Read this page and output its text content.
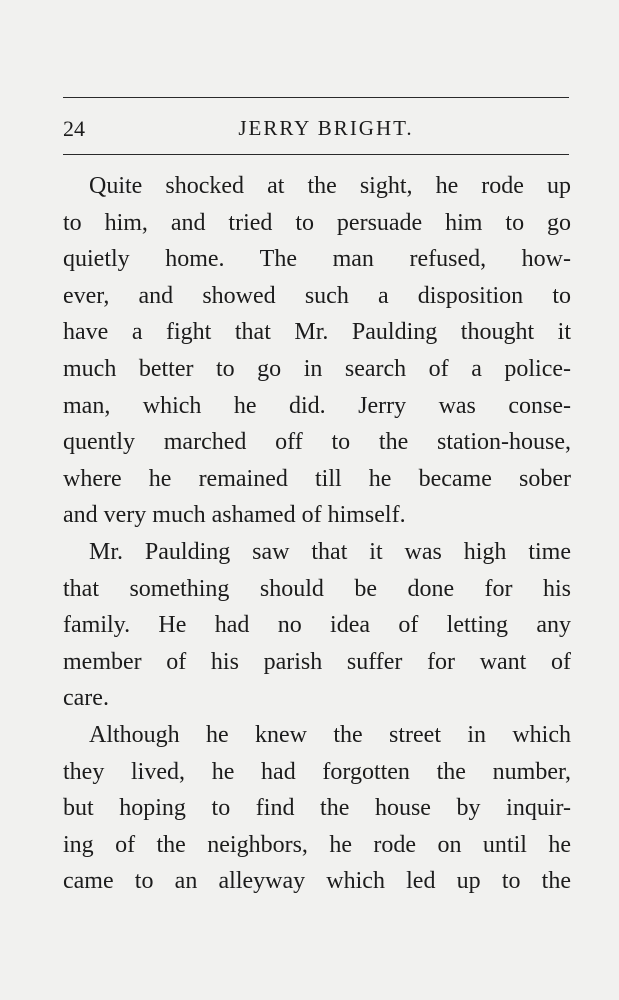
24	JERRY BRIGHT.
Quite shocked at the sight, he rode up
to him, and tried to persuade him to go
quietly home. The man refused, how-
ever, and showed such a disposition to
have a fight that Mr. Paulding thought it
much better to go in search of a police-
man, which he did. Jerry was conse-
quently marched off to the station-house,
where he remained till he became sober
and very much ashamed of himself.
Mr. Paulding saw that it was high time
that something should be done for his
family. He had no idea of letting any
member of his parish suffer for want of
care.
Although he knew the street in which
they lived, he had forgotten the number,
but hoping to find the house by inquir-
ing of the neighbors, he rode on until he
came to an alleyway which led up to the
